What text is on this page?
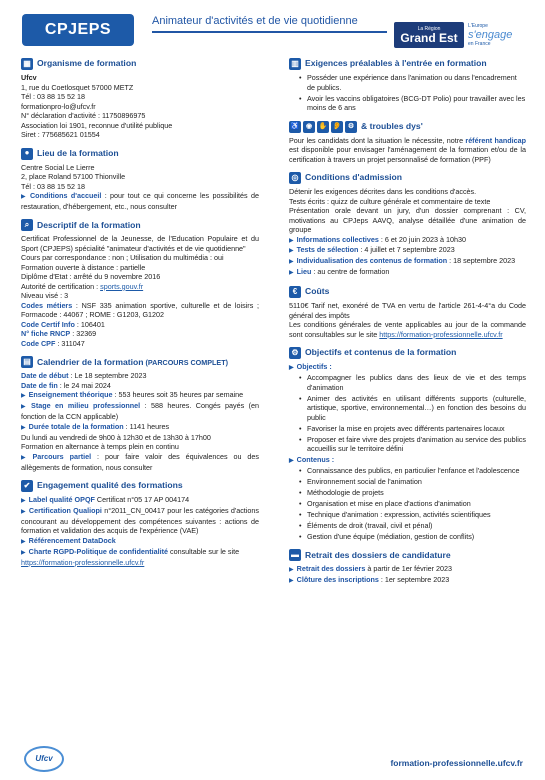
CPJEPS
Animateur d'activités et de vie quotidienne
La Région
Grand Est
L'Europe
s'engage
en France
▦ Organisme de formation

Ufcv

1, rue du Coetlosquet 57000 METZ

Tél : 03 88 15 52 18

formationpro-lo@ufcv.fr

N° déclaration d'activité : 11750896975

Association loi 1901, reconnue d'utilité publique

Siret : 775685621 01554

● Lieu de la formation

Centre Social Le Lierre

2, place Roland 57100 Thionville

Tél : 03 88 15 52 18

▶ Conditions d'accueil : pour tout ce qui concerne les possibilités de restauration, d'hébergement, etc., nous consulter

⌕ Descriptif de la formation

Certificat Professionnel de la Jeunesse, de l'Education Populaire et du Sport (CPJEPS) spécialité "animateur d'activités et de vie quotidienne"

Cours par correspondance : non ; Utilisation du multimédia : oui

Formation ouverte à distance : partielle

Diplôme d'Etat : arrêté du 9 novembre 2016

Autorité de certification : sports.gouv.fr

Niveau visé : 3

Codes métiers : NSF 335 animation sportive, culturelle et de loisirs ; Formacode : 44067 ; ROME : G1203, G1202

Code Certif Info : 106401

N° fiche RNCP : 32369

Code CPF : 311047

▤ Calendrier de la formation (PARCOURS COMPLET)

Date de début : Le 18 septembre 2023

Date de fin : le 24 mai 2024

▶ Enseignement théorique : 553 heures soit 35 heures par semaine

▶ Stage en milieu professionnel : 588 heures. Congés payés (en fonction de la CCN applicable)

▶ Durée totale de la formation : 1141 heures

Du lundi au vendredi de 9h00 à 12h30 et de 13h30 à 17h00

Formation en alternance à temps plein en continu

▶ Parcours partiel : pour faire valoir des équivalences ou des allègements de formation, nous consulter

✔ Engagement qualité des formations

▶ Label qualité OPQF Certificat n°05 17 AP 004174

▶ Certification Qualiopi n°2011_CN_00417 pour les catégories d'actions concourant au développement des compétences suivantes : actions de formation et validation des acquis de l'expérience (VAE)

▶ Référencement DataDock

▶ Charte RGPD-Politique de confidentialité consultable sur le site https://formation-professionnelle.ufcv.fr

▥ Exigences préalables à l'entrée en formation
• Posséder une expérience dans l'animation ou dans l'encadrement de publics.
• Avoir les vaccins obligatoires (BCG-DT Polio) pour travailler avec les moins de 6 ans
♿ ◉ ✋ 👂 ⚙ & troubles dys'

Pour les candidats dont la situation le nécessite, notre référent handicap est disponible pour envisager l'aménagement de la formation et/ou de la certification à travers un projet personnalisé de formation (PPF)

◎ Conditions d'admission

Détenir les exigences décrites dans les conditions d'accès.

Tests écrits : quizz de culture générale et commentaire de texte

Présentation orale devant un jury, d'un dossier comprenant : CV, motivations au CPJeps AAVQ, analyse détaillée d'une animation de groupe

▶ Informations collectives : 6 et 20 juin 2023 à 10h30

▶ Tests de sélection : 4 juillet et 7 septembre 2023

▶ Individualisation des contenus de formation : 18 septembre 2023

▶ Lieu : au centre de formation

€ Coûts

5110€ Tarif net, exonéré de TVA en vertu de l'article 261-4-4°a du Code général des impôts

Les conditions générales de vente applicables au jour de la commande sont consultables sur le site https://formation-professionnelle.ufcv.fr

⚙ Objectifs et contenus de la formation

▶ Objectifs :

• Accompagner les publics dans des lieux de vie et des temps d'animation
• Animer des activités en utilisant différents supports (culturelle, artistique, sportive, environnemental…) en fonction des besoins du public
• Favoriser la mise en projets avec différents partenaires locaux
• Proposer et faire vivre des projets d'animation au service des publics accueillis sur le territoire défini

▶ Contenus :

• Connaissance des publics, en particulier l'enfance et l'adolescence
• Environnement social de l'animation
• Méthodologie de projets
• Organisation et mise en place d'actions d'animation
• Technique d'animation : expression, activités scientifiques
• Éléments de droit (travail, civil et pénal)
• Gestion d'une équipe (médiation, gestion de conflits)
▬ Retrait des dossiers de candidature

▶ Retrait des dossiers à partir de 1er février 2023

▶ Clôture des inscriptions : 1er septembre 2023

Ufcv	formation-professionnelle.ufcv.fr
